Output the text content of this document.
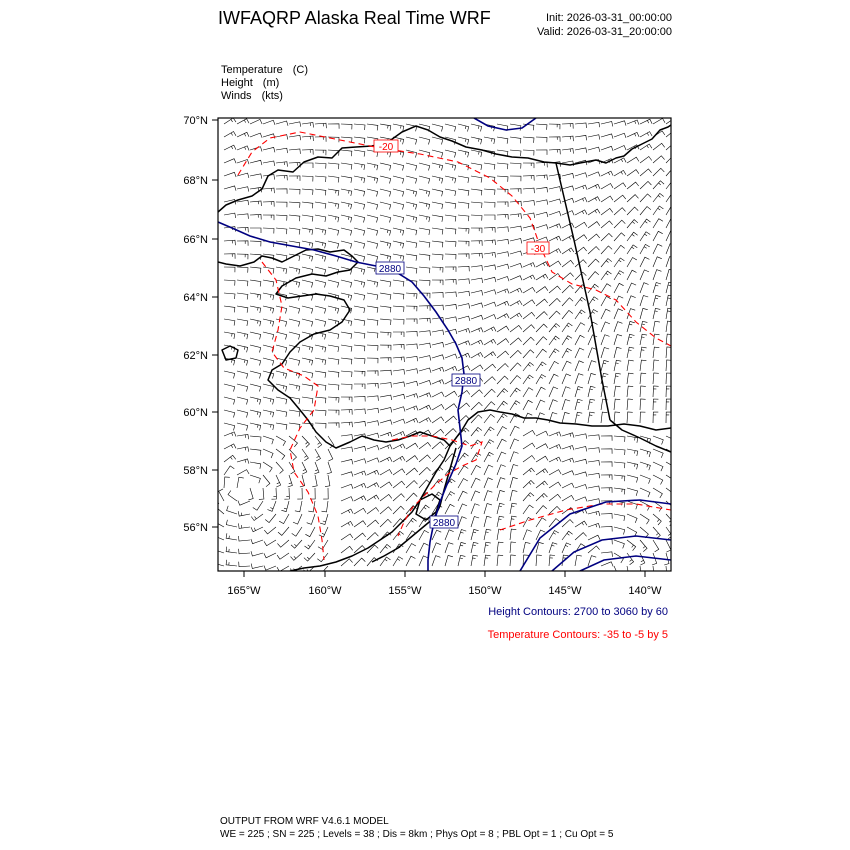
IWFAQRP Alaska Real Time WRF	Init: 2026-03-31_00:00:00
Valid: 2026-03-31_20:00:00
Temperature (C)
Height (m)
Winds (kts)
2880
2880
2880
-20
-30
70°N
68°N
66°N
64°N
62°N
60°N
58°N
56°N
165°W	160°W	155°W	150°W	145°W	140°W
Height Contours: 2700 to 3060 by 60
Temperature Contours: -35 to -5 by 5
OUTPUT FROM WRF V4.6.1 MODEL
WE = 225 ; SN = 225 ; Levels = 38 ; Dis = 8km ; Phys Opt = 8 ; PBL Opt = 1 ; Cu Opt = 5
